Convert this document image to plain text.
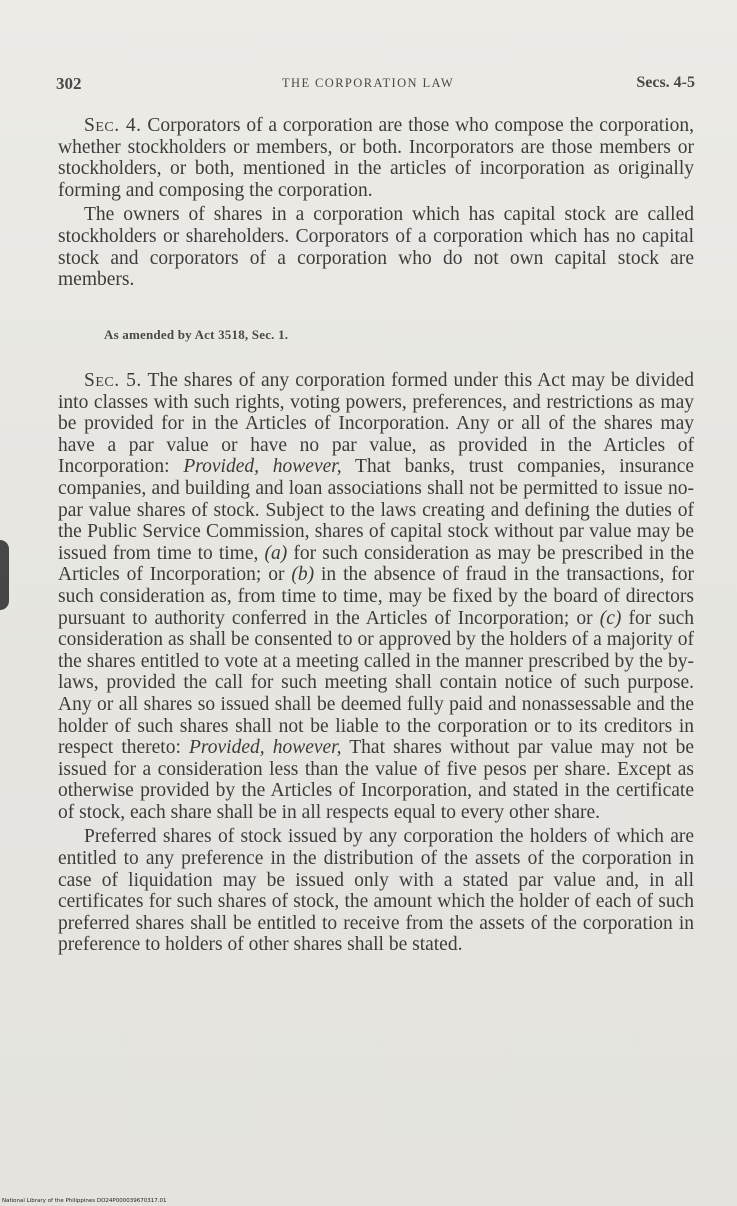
302	THE CORPORATION LAW	Secs. 4-5

Sec. 4. Corporators of a corporation are those who compose the corporation, whether stockholders or members, or both. Incorporators are those members or stockholders, or both, mentioned in the articles of incorporation as originally forming and composing the corporation.

The owners of shares in a corporation which has capital stock are called stockholders or shareholders. Corporators of a corporation which has no capital stock and corporators of a corporation who do not own capital stock are members.

As amended by Act 3518, Sec. 1.

Sec. 5. The shares of any corporation formed under this Act may be divided into classes with such rights, voting powers, preferences, and restrictions as may be provided for in the Articles of Incorporation. Any or all of the shares may have a par value or have no par value, as provided in the Articles of Incorporation: Provided, however, That banks, trust companies, insurance companies, and building and loan associations shall not be permitted to issue no-par value shares of stock. Subject to the laws creating and defining the duties of the Public Service Commission, shares of capital stock without par value may be issued from time to time, (a) for such consideration as may be prescribed in the Articles of Incorporation; or (b) in the absence of fraud in the transactions, for such consideration as, from time to time, may be fixed by the board of directors pursuant to authority conferred in the Articles of Incorporation; or (c) for such consideration as shall be consented to or approved by the holders of a majority of the shares entitled to vote at a meeting called in the manner prescribed by the by-laws, provided the call for such meeting shall contain notice of such purpose. Any or all shares so issued shall be deemed fully paid and nonassessable and the holder of such shares shall not be liable to the corporation or to its creditors in respect thereto: Provided, however, That shares without par value may not be issued for a consideration less than the value of five pesos per share. Except as otherwise provided by the Articles of Incorporation, and stated in the certificate of stock, each share shall be in all respects equal to every other share.

Preferred shares of stock issued by any corporation the holders of which are entitled to any preference in the distribution of the assets of the corporation in case of liquidation may be issued only with a stated par value and, in all certificates for such shares of stock, the amount which the holder of each of such preferred shares shall be entitled to receive from the assets of the corporation in preference to holders of other shares shall be stated.

National Library of the Philippines DO24P000039670317.01
